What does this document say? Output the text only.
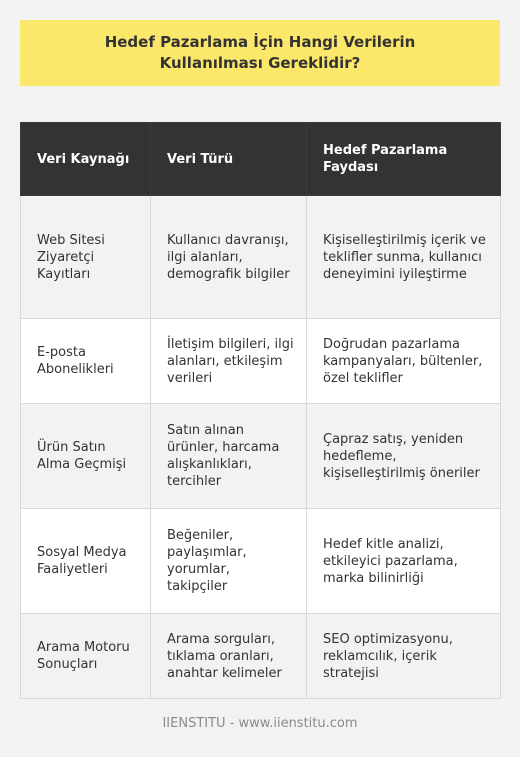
Hedef Pazarlama İçin Hangi Verilerin Kullanılması Gereklidir?
Veri Kaynağı	Veri Türü	Hedef Pazarlama Faydası
Web Sitesi Ziyaretçi Kayıtları	Kullanıcı davranışı, ilgi alanları, demografik bilgiler	Kişiselleştirilmiş içerik ve teklifler sunma, kullanıcı deneyimini iyileştirme
E-posta Abonelikleri	İletişim bilgileri, ilgi alanları, etkileşim verileri	Doğrudan pazarlama kampanyaları, bültenler, özel teklifler
Ürün Satın Alma Geçmişi	Satın alınan ürünler, harcama alışkanlıkları, tercihler	Çapraz satış, yeniden hedefleme, kişiselleştirilmiş öneriler
Sosyal Medya Faaliyetleri	Beğeniler, paylaşımlar, yorumlar, takipçiler	Hedef kitle analizi, etkileyici pazarlama, marka bilinirliği
Arama Motoru Sonuçları	Arama sorguları, tıklama oranları, anahtar kelimeler	SEO optimizasyonu, reklamcılık, içerik stratejisi
IIENSTITU - www.iienstitu.com
